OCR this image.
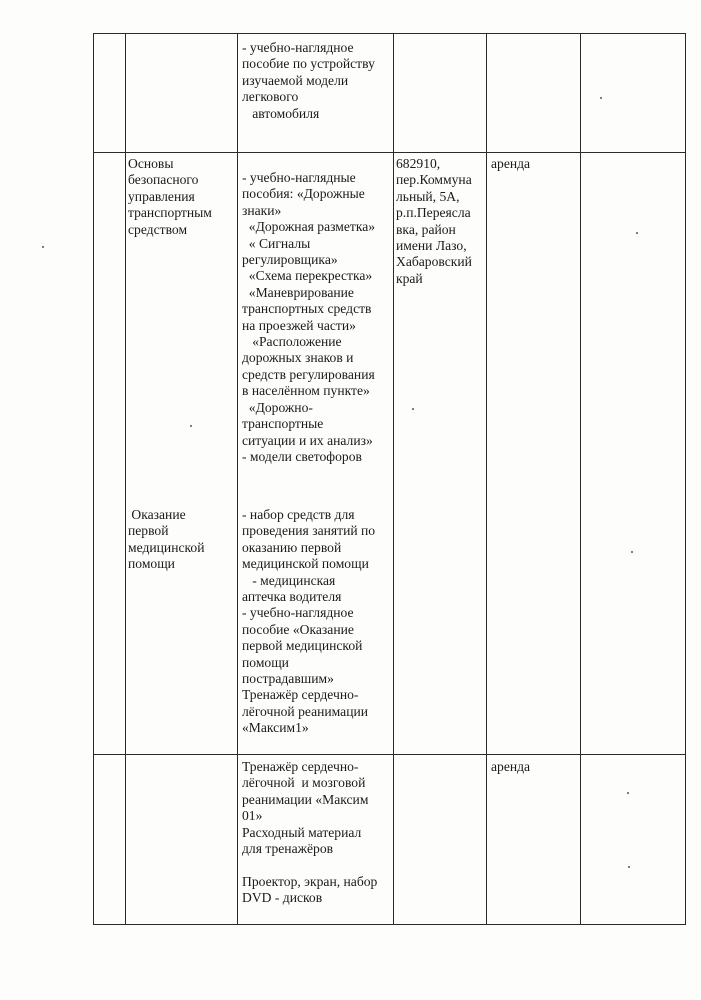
- учебно-наглядное
пособие по устройству
изучаемой модели
легкового
автомобиля

Основы
безопасного
управления
транспортным
средством

- учебно-наглядные
пособия: «Дорожные
знаки»
«Дорожная разметка»
« Сигналы
регулировщика»
«Схема перекрестка»
«Маневрирование
транспортных средств
на проезжей части»
«Расположение
дорожных знаков и
средств регулирования
в населённом пункте»
«Дорожно-
транспортные
ситуации и их анализ»
- модели светофоров

682910,
пер.Коммуна
льный, 5А,
р.п.Переясла
вка, район
имени Лазо,
Хабаровский
край

аренда

Оказание
первой
медицинской
помощи

- набор средств для
проведения занятий по
оказанию первой
медицинской помощи
- медицинская
аптечка водителя
- учебно-наглядное
пособие «Оказание
первой медицинской
помощи
пострадавшим»
Тренажёр сердечно-
лёгочной реанимации
«Максим1»

Тренажёр сердечно-
лёгочной  и мозговой
реанимации «Максим
01»
Расходный материал
для тренажёров

Проектор, экран, набор
DVD - дисков

аренда
